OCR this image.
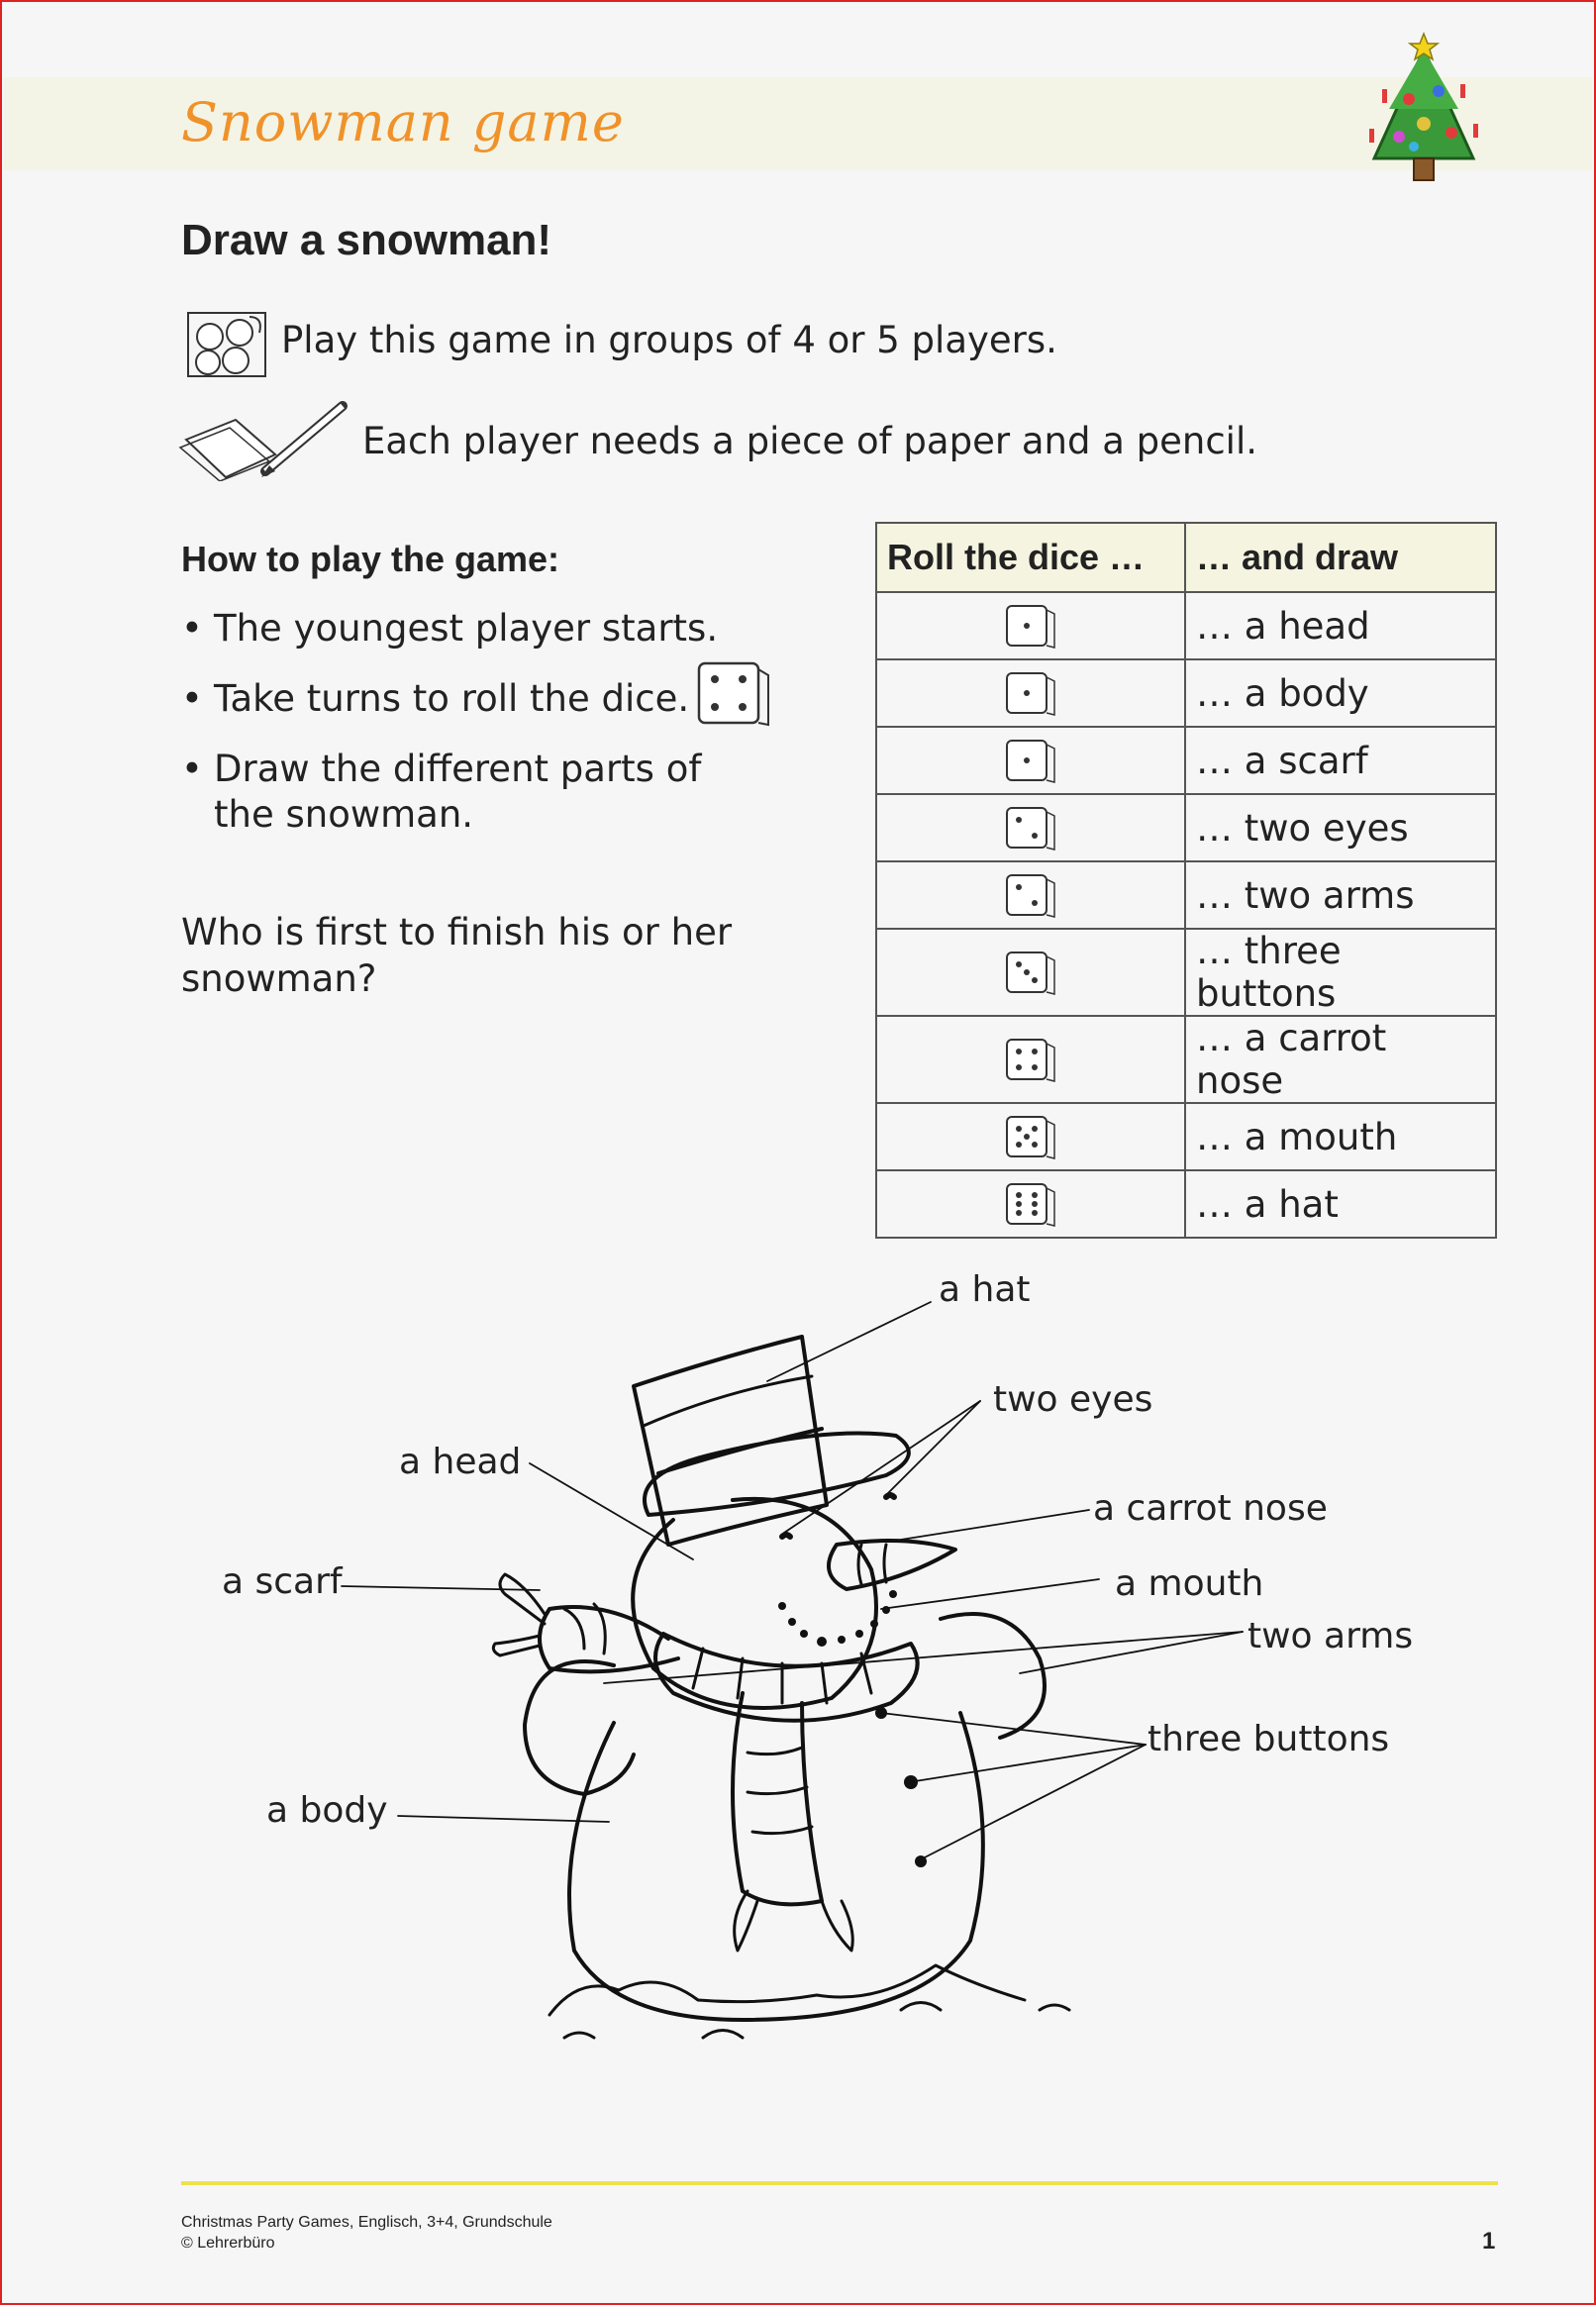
Snowman game
Draw a snowman!
Play this game in groups of 4 or 5 players.
Each player needs a piece of paper and a pencil.
How to play the game:
• The youngest player starts.
• Take turns to roll the dice.
• Draw the different parts of
the snowman.
Who is first to finish his or her
snowman?
Roll the dice …	… and draw
	… a head
	… a body
	… a scarf
	… two eyes
	… two arms
	… three buttons
	… a carrot nose
	… a mouth
	… a hat
a hat
two eyes
a head
a carrot nose
a scarf	a mouth
two arms
three buttons
a body
Christmas Party Games, Englisch, 3+4, Grundschule
© Lehrerbüro	1
